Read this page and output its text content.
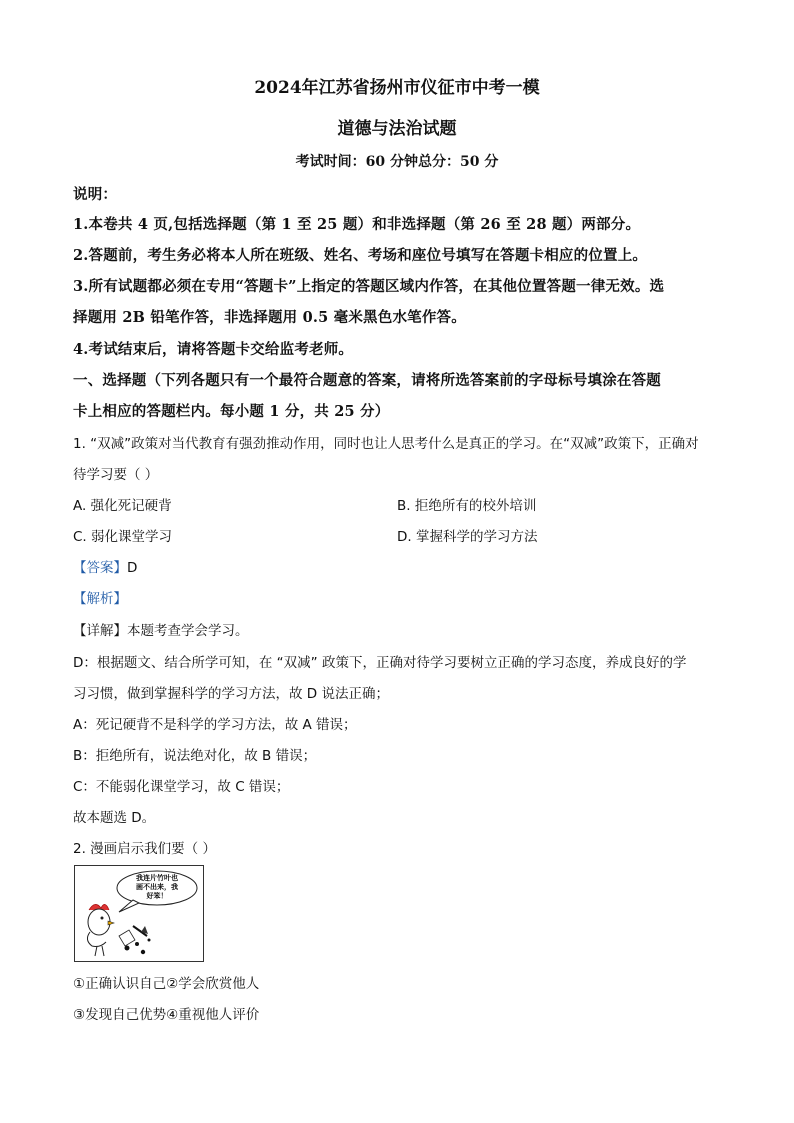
2024年江苏省扬州市仪征市中考一模
道德与法治试题
考试时间：60 分钟总分：50 分
说明：
1.本卷共 4 页,包括选择题（第 1 至 25 题）和非选择题（第 26 至 28 题）两部分。
2.答题前，考生务必将本人所在班级、姓名、考场和座位号填写在答题卡相应的位置上。
3.所有试题都必须在专用“答题卡”上指定的答题区域内作答，在其他位置答题一律无效。选
择题用 2B 铅笔作答，非选择题用 0.5 毫米黑色水笔作答。
4.考试结束后，请将答题卡交给监考老师。
一、选择题（下列各题只有一个最符合题意的答案，请将所选答案前的字母标号填涂在答题
卡上相应的答题栏内。每小题 1 分，共 25 分）
1. “双减”政策对当代教育有强劲推动作用，同时也让人思考什么是真正的学习。在“双减”政策下，正确对
待学习要（ ）
A. 强化死记硬背	B. 拒绝所有的校外培训
C. 弱化课堂学习	D. 掌握科学的学习方法
【答案】D
【解析】
【详解】本题考查学会学习。
D：根据题文、结合所学可知，在 “双减” 政策下，正确对待学习要树立正确的学习态度，养成良好的学
习习惯，做到掌握科学的学习方法，故 D 说法正确；
A：死记硬背不是科学的学习方法，故 A 错误；
B：拒绝所有，说法绝对化，故 B 错误；
C：不能弱化课堂学习，故 C 错误；
故本题选 D。
2. 漫画启示我们要（ ）
我连片竹叶也
画不出来，我
好笨！
①正确认识自己②学会欣赏他人
③发现自己优势④重视他人评价
